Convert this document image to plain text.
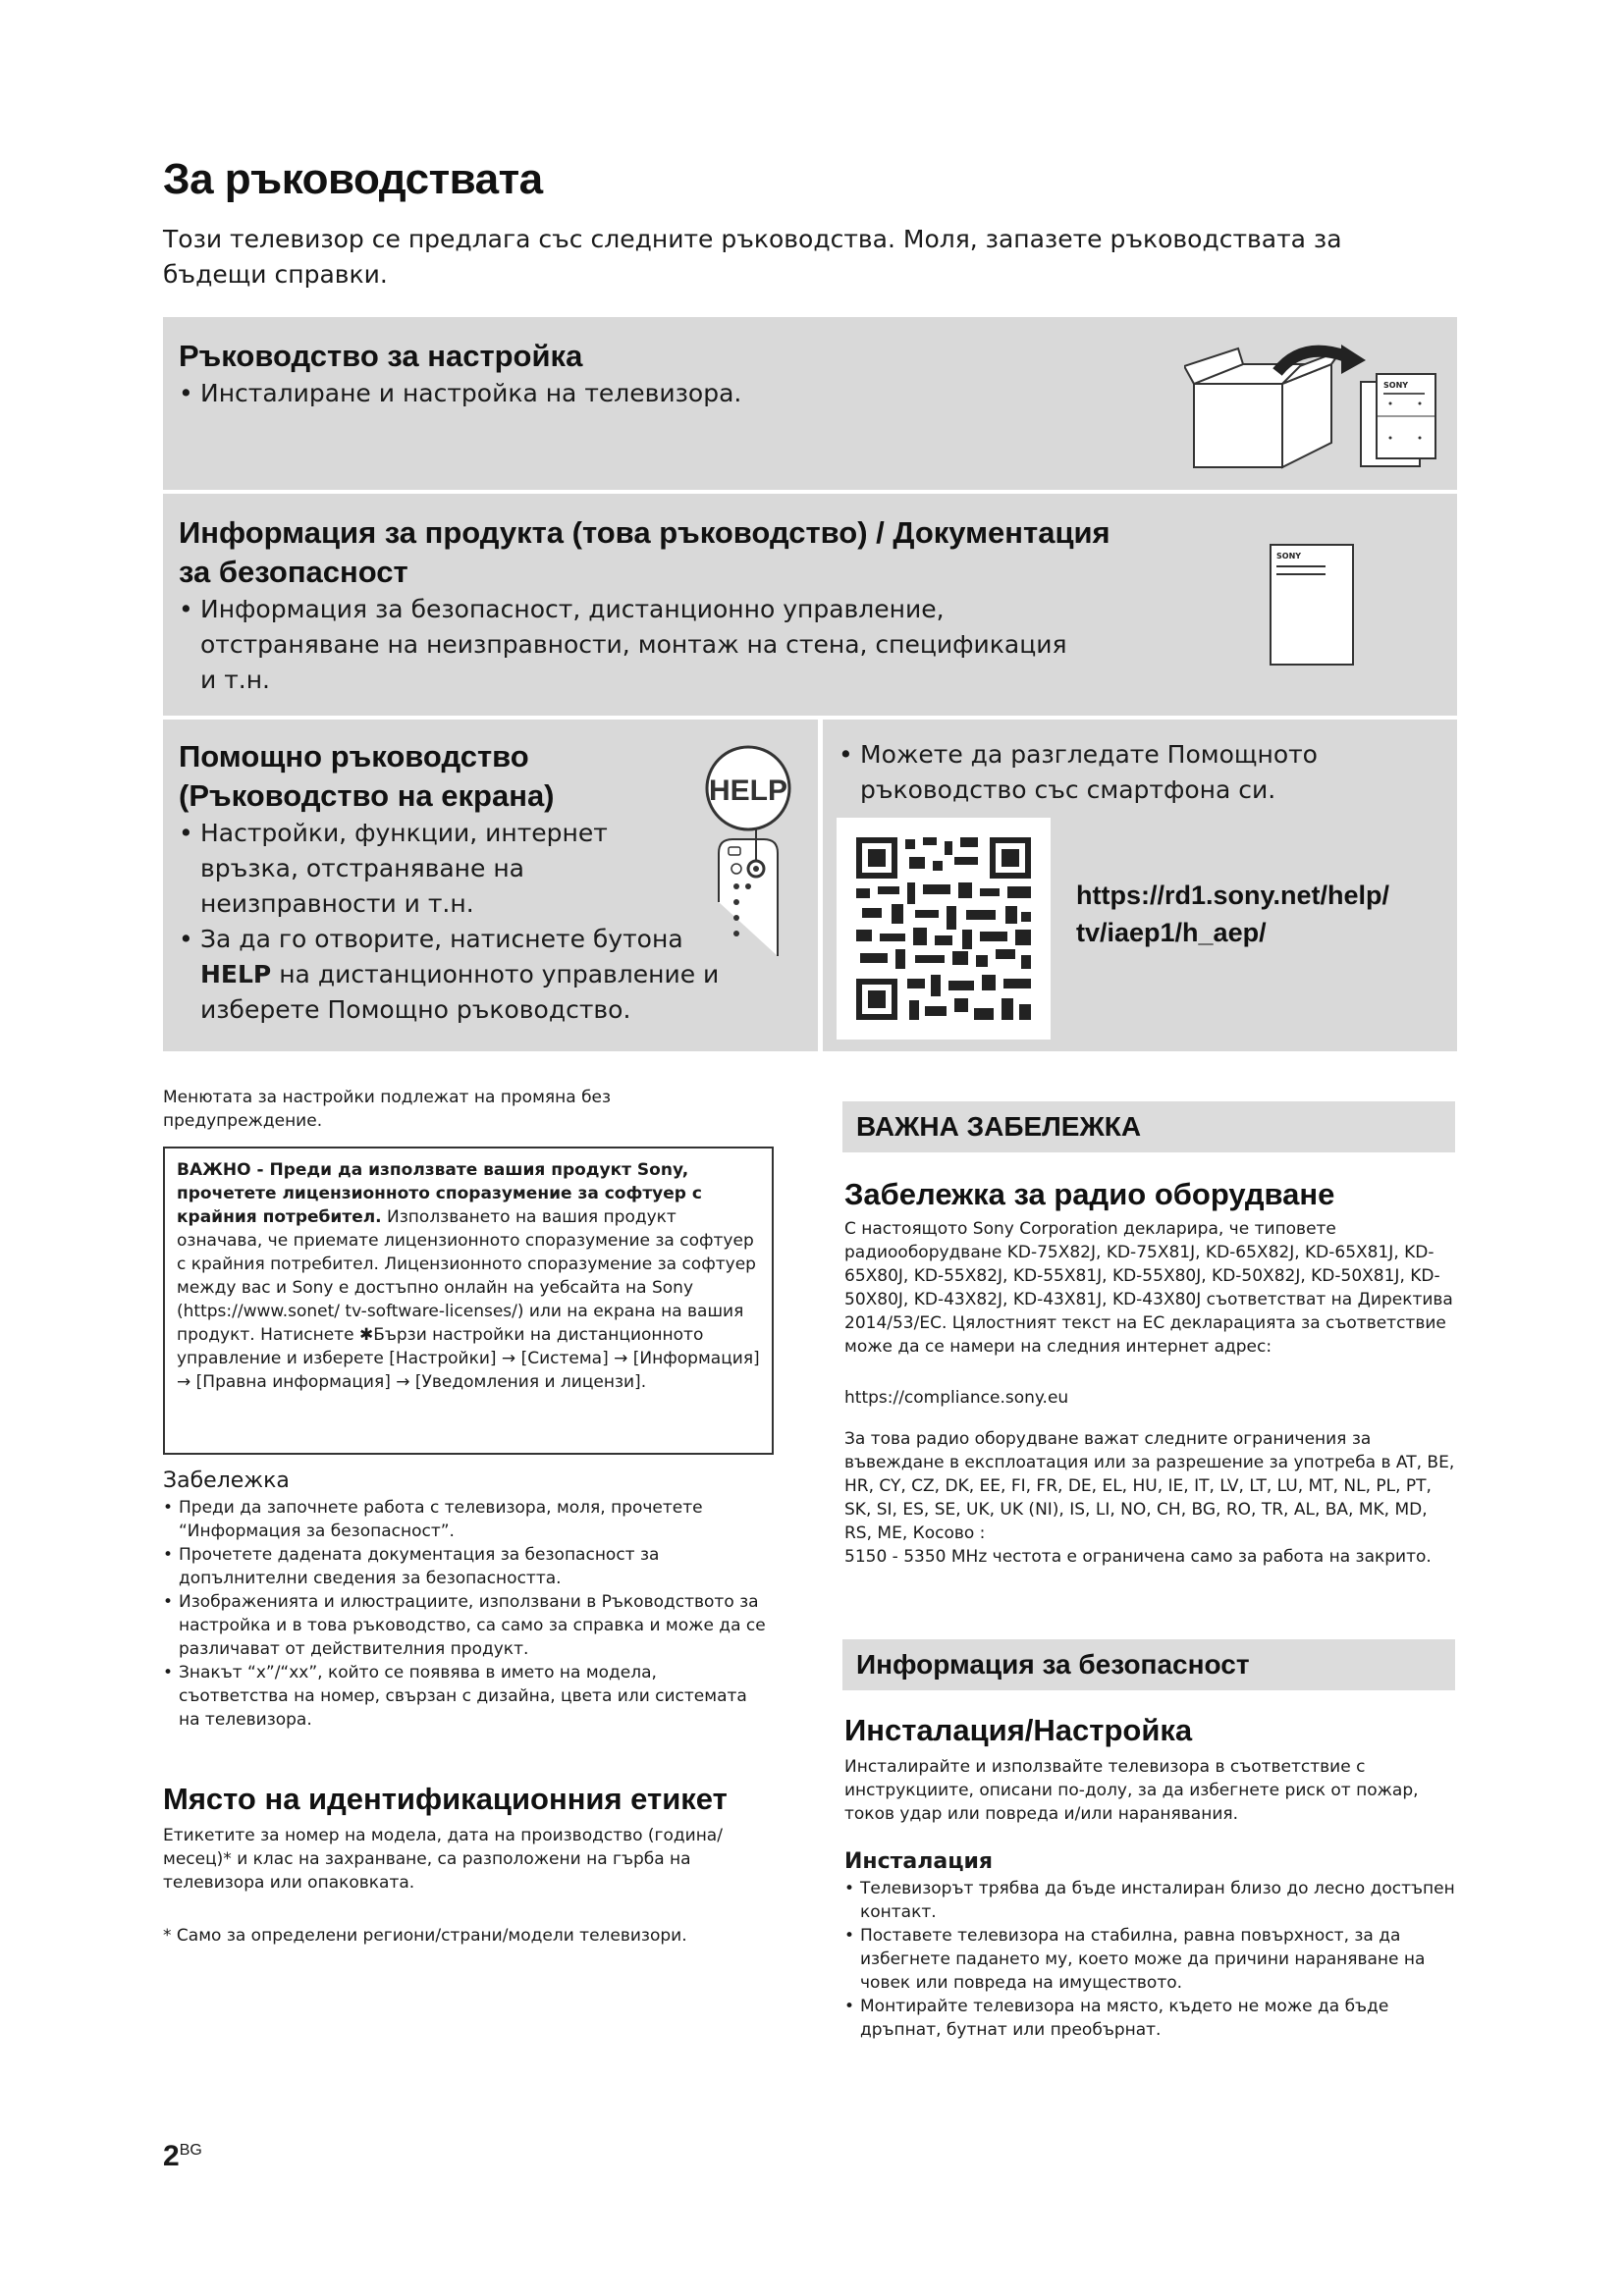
За ръководствата
Този телевизор се предлага със следните ръководства. Моля, запазете ръководствата за бъдещи справки.
Ръководство за настройка
• Инсталиране и настройка на телевизора.	SONY
Информация за продукта (това ръководство) / Документация
за безопасност
• Информация за безопасност, дистанционно управление, отстраняване на неизправности, монтаж на стена, спецификация и т.н.
SONY
Помощно ръководство (Ръководство на екрана)
• Настройки, функции, интернет връзка, отстраняване на неизправности и т.н.
• За да го отворите, натиснете бутона HELP на дистанционното управление и изберете Помощно ръководство.
HELP
• Можете да разгледате Помощното ръководство със смартфона си.
https://rd1.sony.net/help/
tv/iaep1/h_aep/
Менютата за настройки подлежат на промяна без предупреждение.
ВАЖНО - Преди да използвате вашия продукт Sony, прочетете лицензионното споразумение за софтуер с крайния потребител. Използването на вашия продукт означава, че приемате лицензионното споразумение за софтуер с крайния потребител. Лицензионното споразумение за софтуер между вас и Sony е достъпно онлайн на уебсайта на Sony (https://www.sonet/ tv-software-licenses/) или на екрана на вашия продукт. Натиснете ✱Бързи настройки на дистанционното управление и изберете [Настройки] → [Система] → [Информация] → [Правна информация] → [Уведомления и лицензи].
Забележка
• Преди да започнете работа с телевизора, моля, прочетете “Информация за безопасност”.
• Прочетете дадената документация за безопасност за допълнителни сведения за безопасността.
• Изображенията и илюстрациите, използвани в Ръководството за настройка и в това ръководство, са само за справка и може да се различават от действителния продукт.
• Знакът “x”/“xx”, който се появява в името на модела, съответства на номер, свързан с дизайна, цвета или системата на телевизора.
Място на идентификационния етикет
Етикетите за номер на модела, дата на производство (година/ месец)* и клас на захранване, са разположени на гърба на телевизора или опаковката.
* Само за определени региони/страни/модели телевизори.
ВАЖНА ЗАБЕЛЕЖКА
Забележка за радио оборудване
С настоящото Sony Corporation декларира, че типовете радиооборудване KD-75X82J, KD-75X81J, KD-65X82J, KD-65X81J, KD-65X80J, KD-55X82J, KD-55X81J, KD-55X80J, KD-50X82J, KD-50X81J, KD-50X80J, KD-43X82J, KD-43X81J, KD-43X80J съответстват на Директива 2014/53/ЕС. Цялостният текст на ЕС декларацията за съответствие може да се намери на следния интернет адрес:
https://compliance.sony.eu
За това радио оборудване важат следните ограничения за въвеждане в експлоатация или за разрешение за употреба в AT, BE, HR, CY, CZ, DK, EE, FI, FR, DE, EL, HU, IE, IT, LV, LT, LU, MT, NL, PL, PT, SK, SI, ES, SE, UK, UK (NI), IS, LI, NO, CH, BG, RO, TR, AL, BA, MK, MD, RS, ME, Косово :
5150 - 5350 MHz честота е ограничена само за работа на закрито.
Информация за безопасност
Инсталация/Настройка
Инсталирайте и използвайте телевизора в съответствие с инструкциите, описани по-долу, за да избегнете риск от пожар, токов удар или повреда и/или наранявания.
Инсталация
• Телевизорът трябва да бъде инсталиран близо до лесно достъпен контакт.
• Поставете телевизора на стабилна, равна повърхност, за да избегнете падането му, което може да причини нараняване на човек или повреда на имуществото.
• Монтирайте телевизора на място, където не може да бъде дръпнат, бутнат или преобърнат.
2BG
